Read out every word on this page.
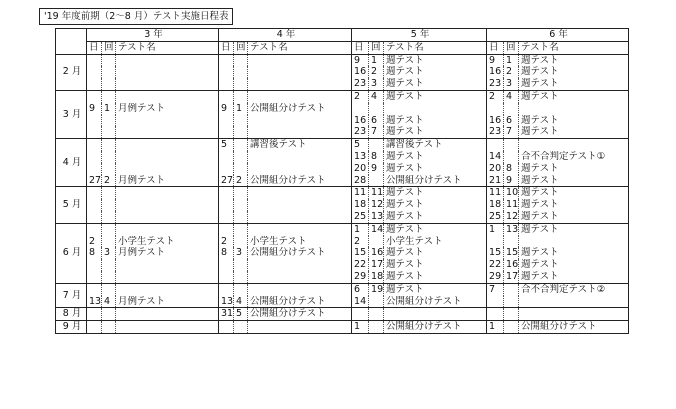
'19 年度前期（2～8 月）テスト実施日程表
	3 年			4 年			5 年			6 年		
	日	回	テスト名	日	回	テスト名	日	回	テスト名	日	回	テスト名
2 月							9	1	週テスト	9	1	週テスト
							16	2	週テスト	16	2	週テスト
							23	3	週テスト	23	3	週テスト
3 月							2	4	週テスト	2	4	週テスト
	9	1	月例テスト	9	1	公開組分けテスト						
							16	6	週テスト	16	6	週テスト
							23	7	週テスト	23	7	週テスト
4 月				5		講習後テスト	5		講習後テスト			
							13	8	週テスト	14		合不合判定テスト①
							20	9	週テスト	20	8	週テスト
	27	2	月例テスト	27	2	公開組分けテスト	28		公開組分けテスト	21	9	週テスト
5 月							11	11	週テスト	11	10	週テスト
							18	12	週テスト	18	11	週テスト
							25	13	週テスト	25	12	週テスト
6 月							1	14	週テスト	1	13	週テスト
	2		小学生テスト	2		小学生テスト	2		小学生テスト			
	8	3	月例テスト	8	3	公開組分けテスト	15	16	週テスト	15	15	週テスト
							22	17	週テスト	22	16	週テスト
							29	18	週テスト	29	17	週テスト
7 月							6	19	週テスト	7		合不合判定テスト②
	13	4	月例テスト	13	4	公開組分けテスト	14		公開組分けテスト			
8 月				31	5	公開組分けテスト						
9 月							1		公開組分けテスト	1		公開組分けテスト
